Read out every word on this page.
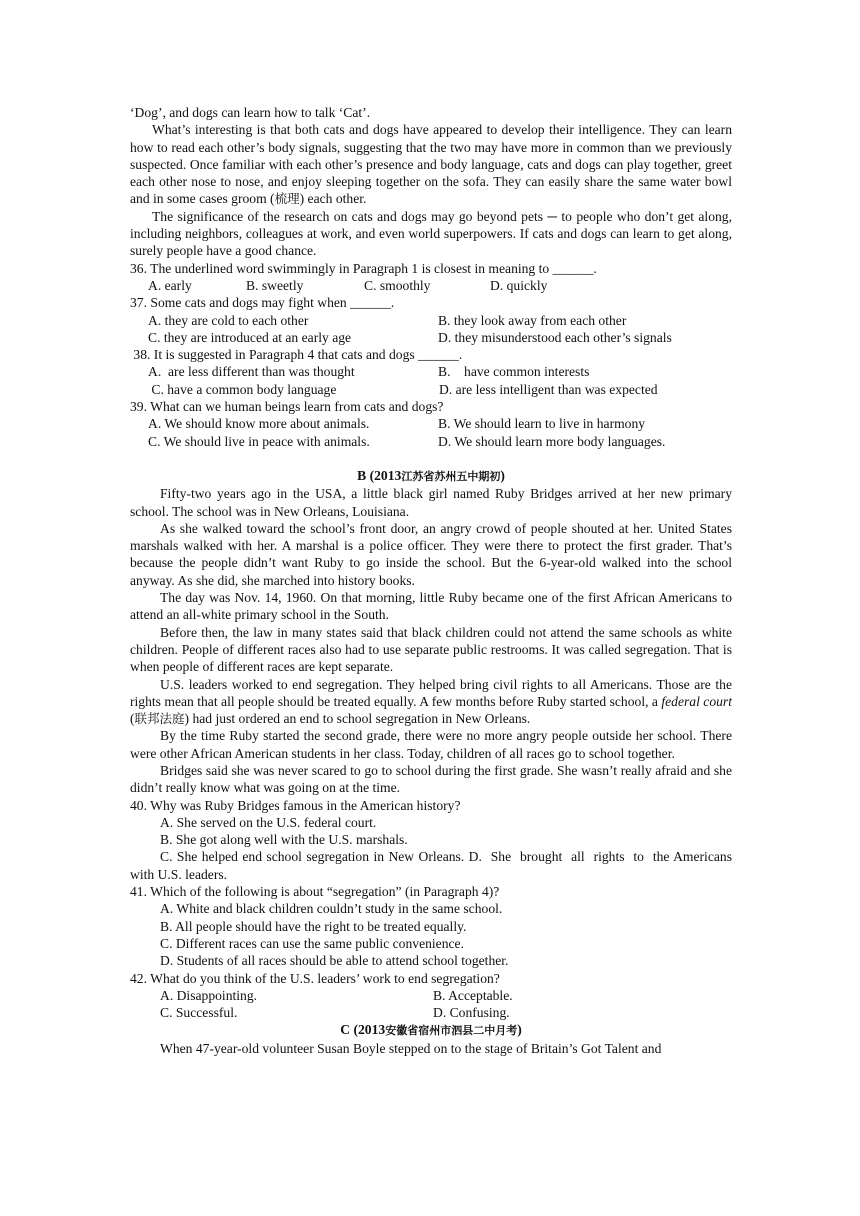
‘Dog’, and dogs can learn how to talk ‘Cat’.

What’s interesting is that both cats and dogs have appeared to develop their intelligence. They can learn how to read each other’s body signals, suggesting that the two may have more in common than we previously suspected. Once familiar with each other’s presence and body language, cats and dogs can play together, greet each other nose to nose, and enjoy sleeping together on the sofa. They can easily share the same water bowl and in some cases groom (梳理) each other.

The significance of the research on cats and dogs may go beyond pets ─ to people who don’t get along, including neighbors, colleagues at work, and even world superpowers. If cats and dogs can learn to get along, surely people have a good chance.

36. The underlined word swimmingly in Paragraph 1 is closest in meaning to ______.

A. early	B. sweetly	C. smoothly	D. quickly

37. Some cats and dogs may fight when ______.

A. they are cold to each other	B. they look away from each other

C. they are introduced at an early age	D. they misunderstood each other’s signals

38. It is suggested in Paragraph 4 that cats and dogs ______.

A.  are less different than was thought	B.    have common interests

C. have a common body language	D. are less intelligent than was expected

39. What can we human beings learn from cats and dogs?

A. We should know more about animals.	B. We should learn to live in harmony

C. We should live in peace with animals.	D. We should learn more body languages.

B (2013江苏省苏州五中期初)

Fifty-two years ago in the USA, a little black girl named Ruby Bridges arrived at her new primary school. The school was in New Orleans, Louisiana.

As she walked toward the school’s front door, an angry crowd of people shouted at her. United States marshals walked with her. A marshal is a police officer. They were there to protect the first grader. That’s because the people didn’t want Ruby to go inside the school. But the 6-year-old walked into the school anyway. As she did, she marched into history books.

The day was Nov. 14, 1960. On that morning, little Ruby became one of the first African Americans to attend an all-white primary school in the South.

Before then, the law in many states said that black children could not attend the same schools as white children. People of different races also had to use separate public restrooms. It was called segregation. That is when people of different races are kept separate.

U.S. leaders worked to end segregation. They helped bring civil rights to all Americans. Those are the rights mean that all people should be treated equally. A few months before Ruby started school, a federal court (联邦法庭) had just ordered an end to school segregation in New Orleans.

By the time Ruby started the second grade, there were no more angry people outside her school. There were other African American students in her class. Today, children of all races go to school together.

Bridges said she was never scared to go to school during the first grade. She wasn’t really afraid and she didn’t really know what was going on at the time.

40. Why was Ruby Bridges famous in the American history?

A. She served on the U.S. federal court.

B. She got along well with the U.S. marshals.

C. She helped end school segregation in New Orleans. D.  She  brought  all  rights  to  the Americans with U.S. leaders.

41. Which of the following is about “segregation” (in Paragraph 4)?

A. White and black children couldn’t study in the same school.

B. All people should have the right to be treated equally.

C. Different races can use the same public convenience.

D. Students of all races should be able to attend school together.

42. What do you think of the U.S. leaders’ work to end segregation?

A. Disappointing.	B. Acceptable.

C. Successful.	D. Confusing.

C (2013安徽省宿州市泗县二中月考)

When 47-year-old volunteer Susan Boyle stepped on to the stage of Britain’s Got Talent and
